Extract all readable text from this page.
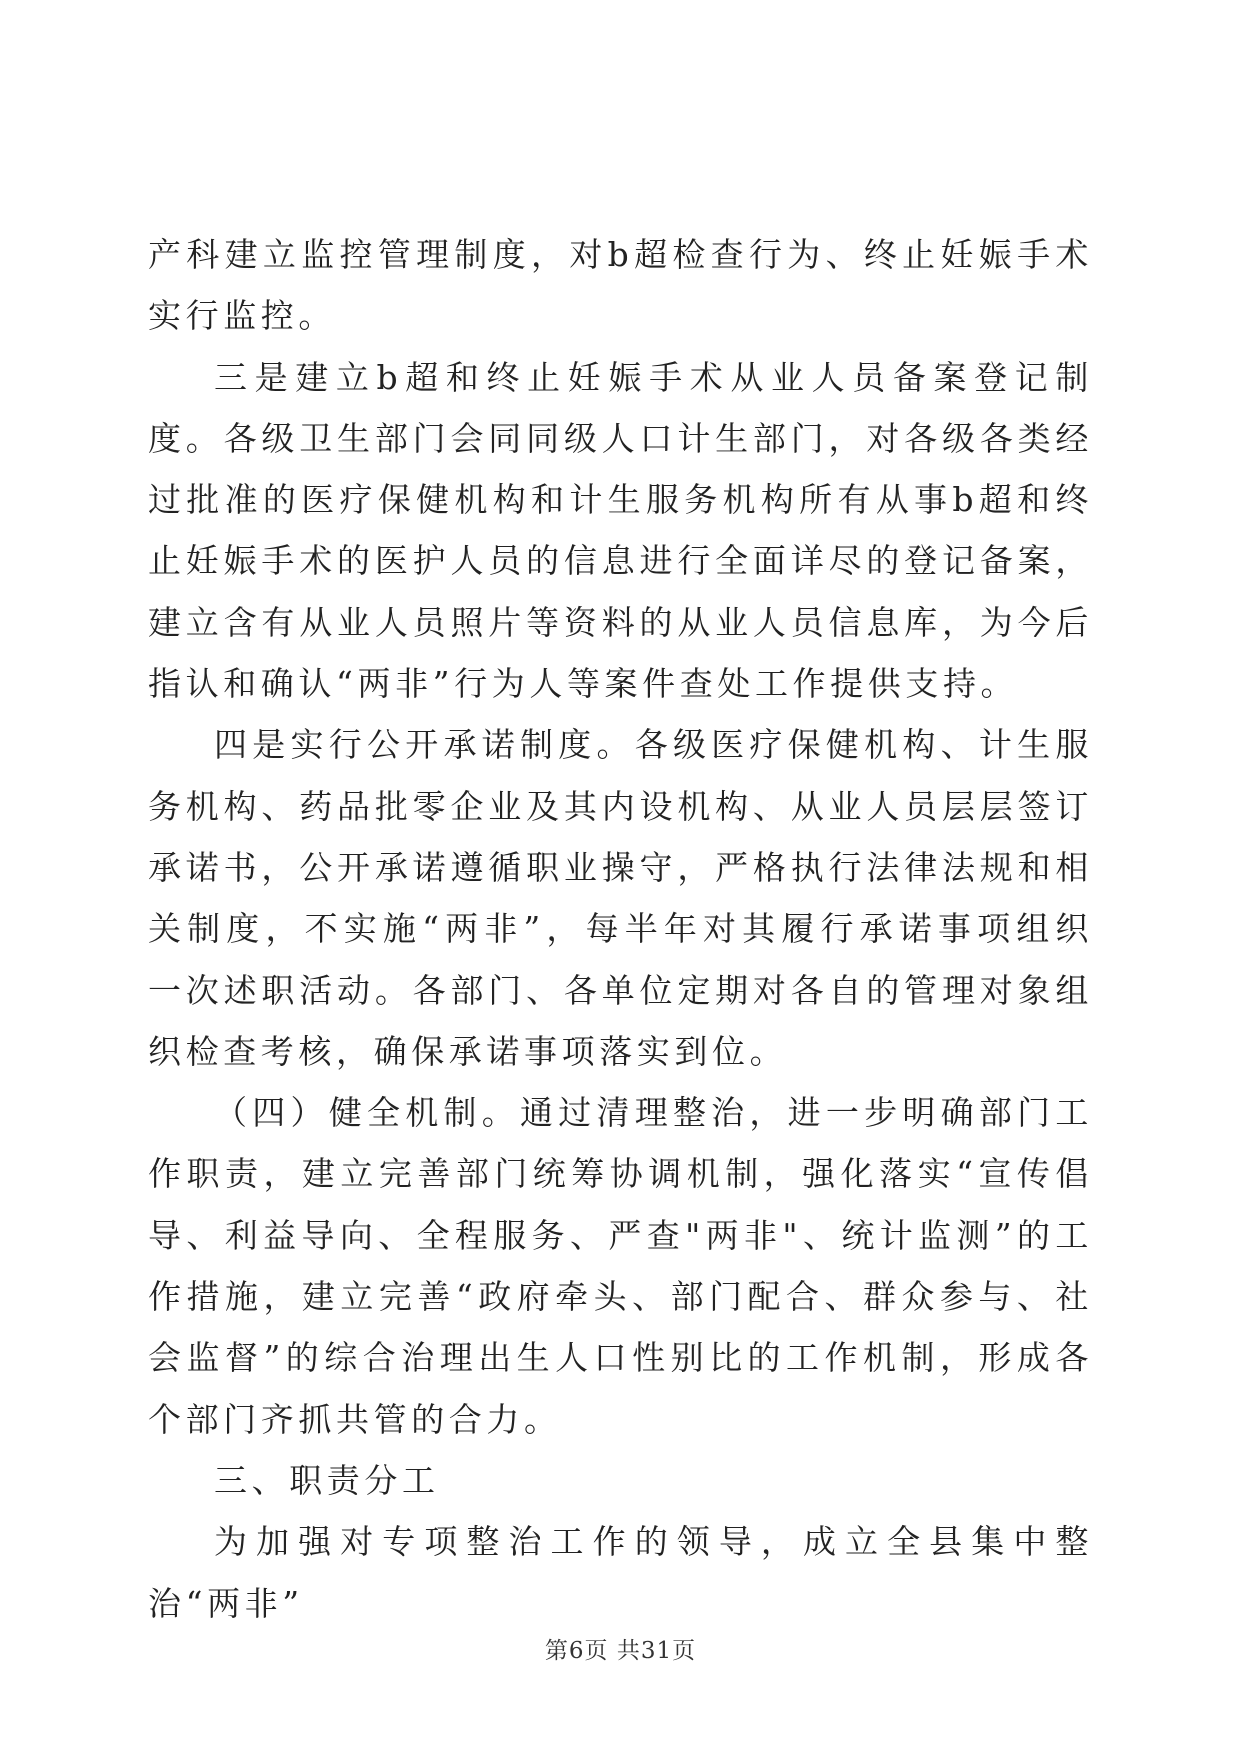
产科建立监控管理制度，对b超检查行为、终止妊娠手术实行监控。

三是建立b超和终止妊娠手术从业人员备案登记制度。各级卫生部门会同同级人口计生部门，对各级各类经过批准的医疗保健机构和计生服务机构所有从事b超和终止妊娠手术的医护人员的信息进行全面详尽的登记备案，建立含有从业人员照片等资料的从业人员信息库，为今后指认和确认“两非”行为人等案件查处工作提供支持。

四是实行公开承诺制度。各级医疗保健机构、计生服务机构、药品批零企业及其内设机构、从业人员层层签订承诺书，公开承诺遵循职业操守，严格执行法律法规和相关制度，不实施“两非”，每半年对其履行承诺事项组织一次述职活动。各部门、各单位定期对各自的管理对象组织检查考核，确保承诺事项落实到位。

（四）健全机制。通过清理整治，进一步明确部门工作职责，建立完善部门统筹协调机制，强化落实“宣传倡导、利益导向、全程服务、严查"两非"、统计监测”的工作措施，建立完善“政府牵头、部门配合、群众参与、社会监督”的综合治理出生人口性别比的工作机制，形成各个部门齐抓共管的合力。

三、职责分工

为加强对专项整治工作的领导，成立全县集中整治“两非”

第6页 共31页
